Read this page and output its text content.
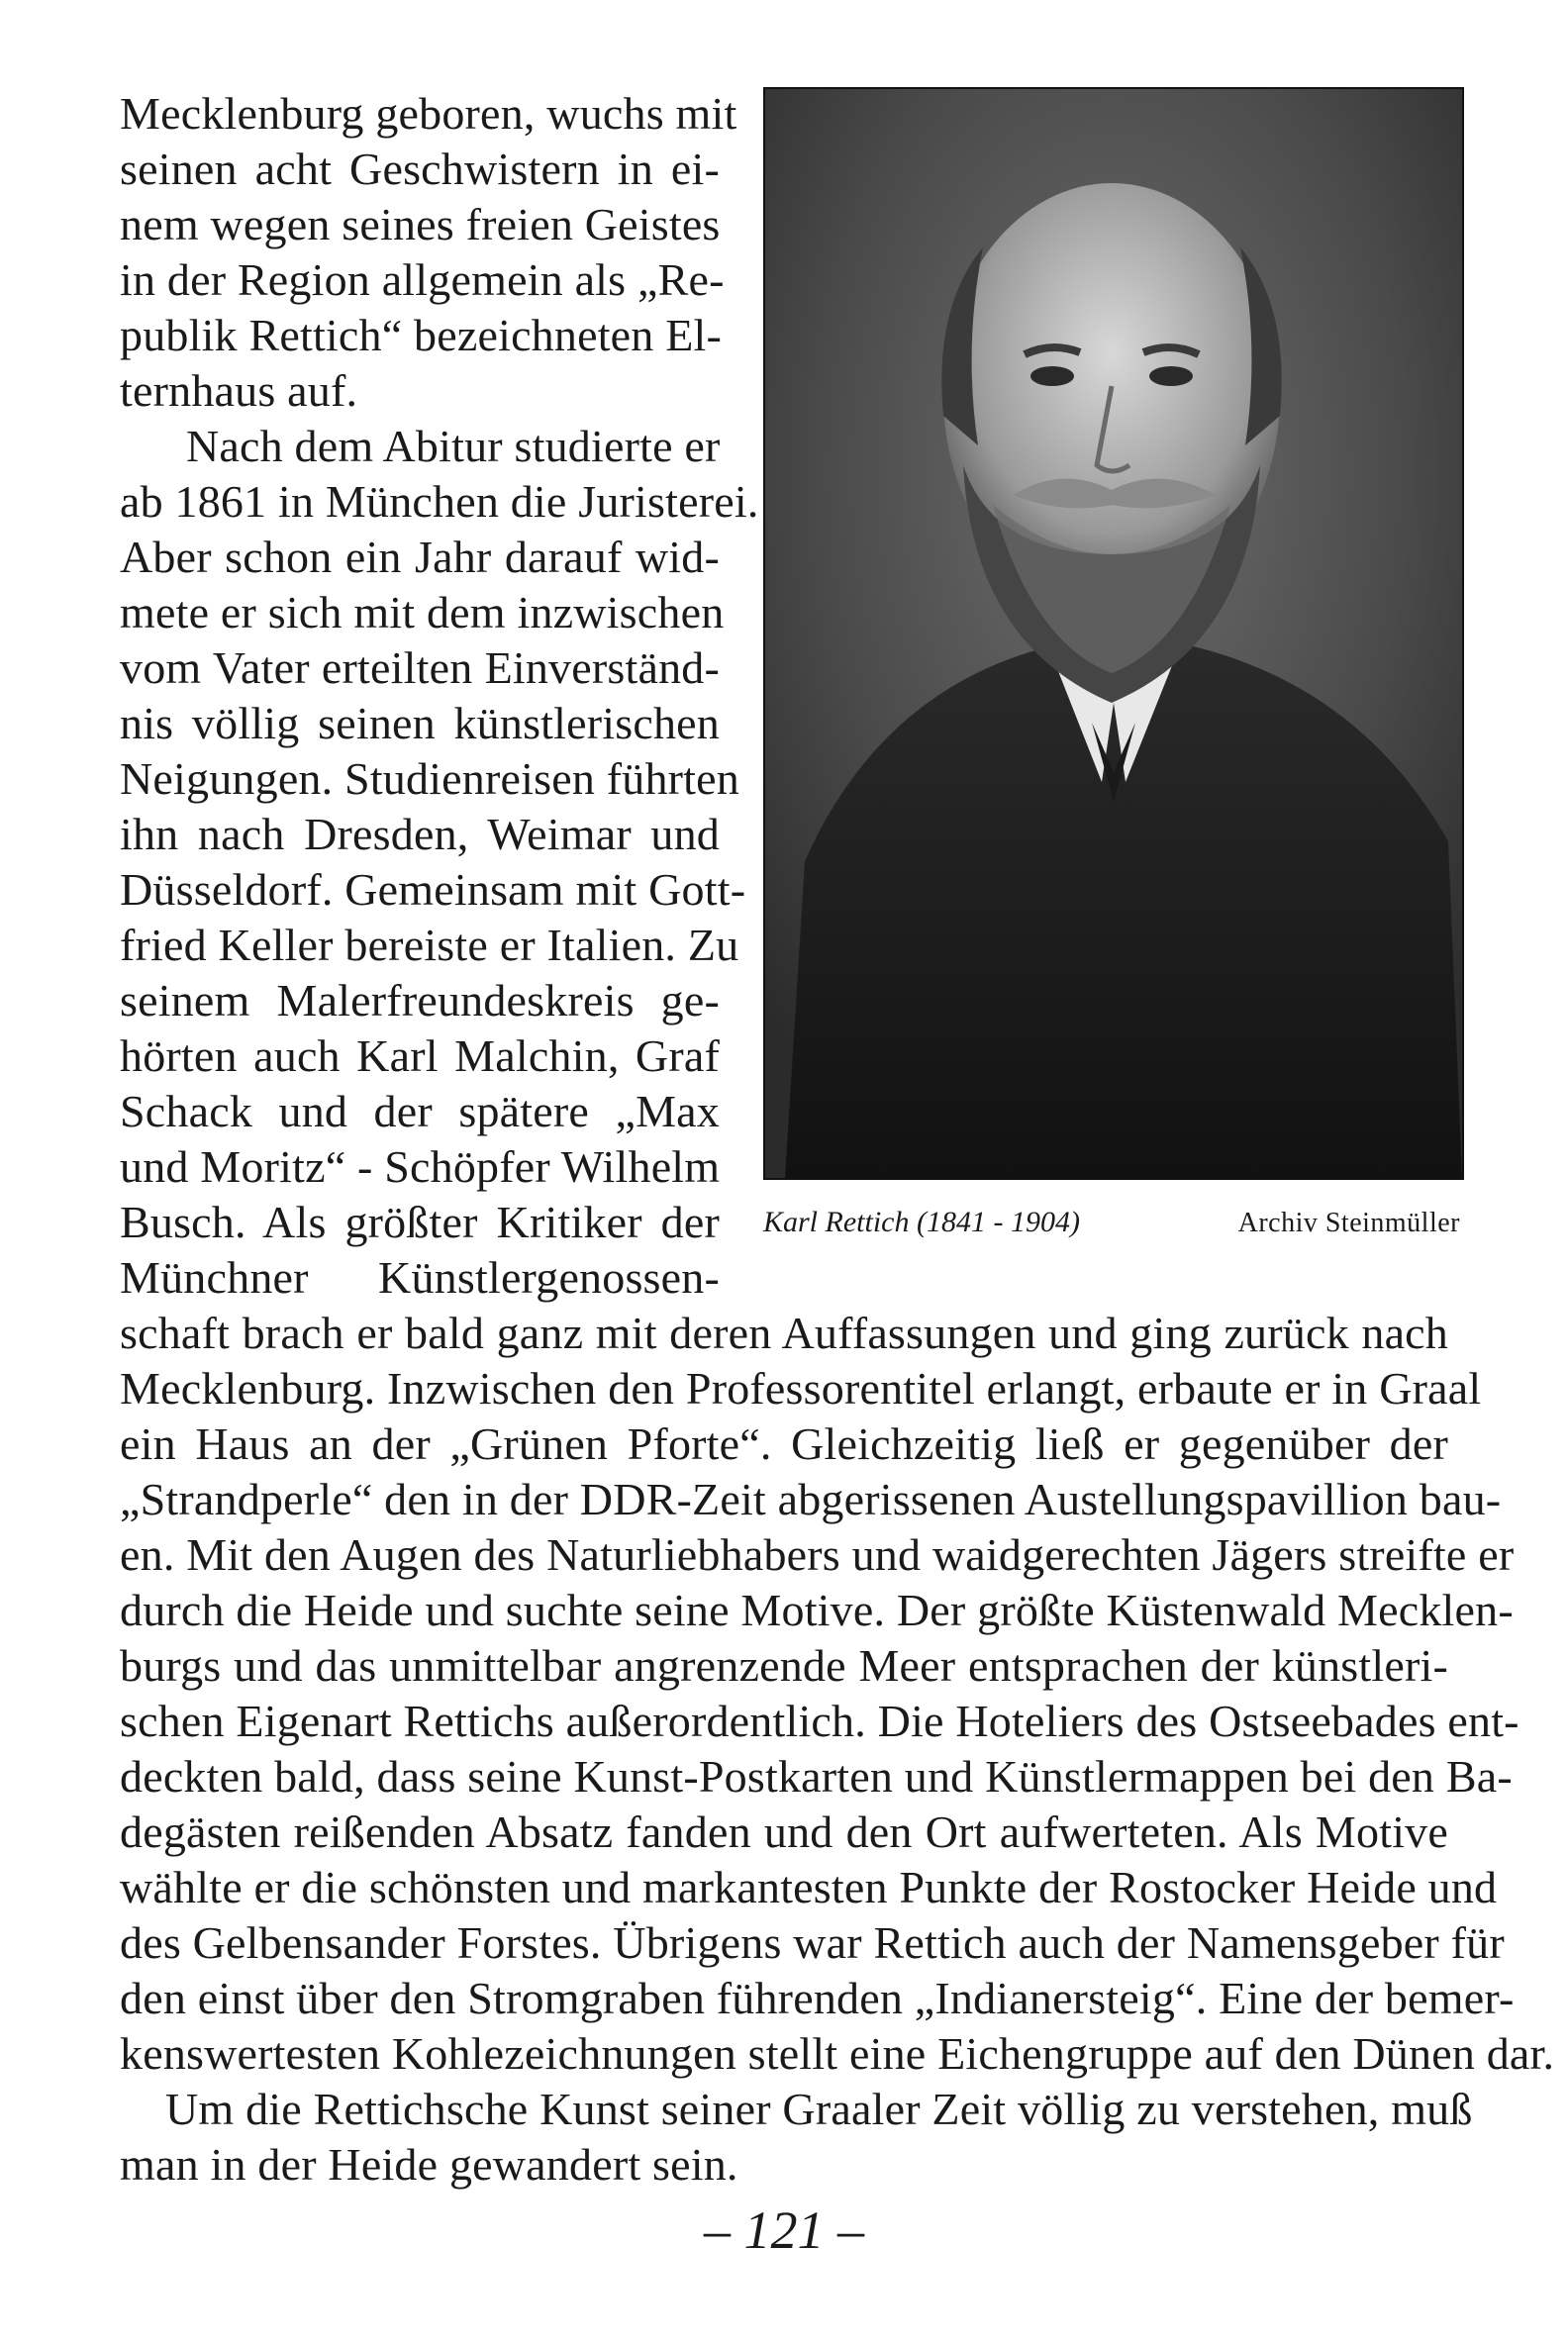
Mecklenburg geboren, wuchs mit
seinen acht Geschwistern in ei-
nem wegen seines freien Geistes
in der Region allgemein als „Re-
publik Rettich“ bezeichneten El-
ternhaus auf.
Nach dem Abitur studierte er
ab 1861 in München die Juristerei.
Aber schon ein Jahr darauf wid-
mete er sich mit dem inzwischen
vom Vater erteilten Einverständ-
nis völlig seinen künstlerischen
Neigungen. Studienreisen führten
ihn nach Dresden, Weimar und
Düsseldorf. Gemeinsam mit Gott-
fried Keller bereiste er Italien. Zu
seinem Malerfreundeskreis ge-
hörten auch Karl Malchin, Graf
Schack und der spätere „Max
und Moritz“ - Schöpfer Wilhelm
Busch. Als größter Kritiker der
Münchner Künstlergenossen-
Karl Rettich (1841 - 1904)	Archiv Steinmüller
schaft brach er bald ganz mit deren Auffassungen und ging zurück nach
Mecklenburg. Inzwischen den Professorentitel erlangt, erbaute er in Graal
ein Haus an der „Grünen Pforte“. Gleichzeitig ließ er gegenüber der
„Strandperle“ den in der DDR-Zeit abgerissenen Austellungspavillion bau-
en. Mit den Augen des Naturliebhabers und waidgerechten Jägers streifte er
durch die Heide und suchte seine Motive. Der größte Küstenwald Mecklen-
burgs und das unmittelbar angrenzende Meer entsprachen der künstleri-
schen Eigenart Rettichs außerordentlich. Die Hoteliers des Ostseebades ent-
deckten bald, dass seine Kunst-Postkarten und Künstlermappen bei den Ba-
degästen reißenden Absatz fanden und den Ort aufwerteten. Als Motive
wählte er die schönsten und markantesten Punkte der Rostocker Heide und
des Gelbensander Forstes. Übrigens war Rettich auch der Namensgeber für
den einst über den Stromgraben führenden „Indianersteig“. Eine der bemer-
kenswertesten Kohlezeichnungen stellt eine Eichengruppe auf den Dünen dar.
Um die Rettichsche Kunst seiner Graaler Zeit völlig zu verstehen, muß
man in der Heide gewandert sein.
– 121 –
